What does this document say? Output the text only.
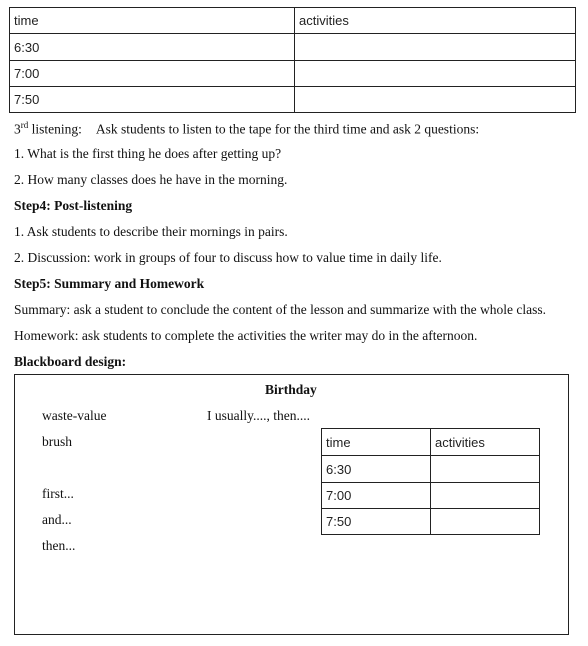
time	activities
6:30	
7:00	
7:50	
3rd listening: Ask students to listen to the tape for the third time and ask 2 questions:
1. What is the first thing he does after getting up?
2. How many classes does he have in the morning.
Step4: Post-listening
1. Ask students to describe their mornings in pairs.
2. Discussion: work in groups of four to discuss how to value time in daily life.
Step5: Summary and Homework
Summary: ask a student to conclude the content of the lesson and summarize with the whole class.
Homework: ask students to complete the activities the writer may do in the afternoon.
Blackboard design:
Birthday
waste-value	I usually...., then....
brush
first...
and...
then...
time	activities
6:30	
7:00	
7:50	
